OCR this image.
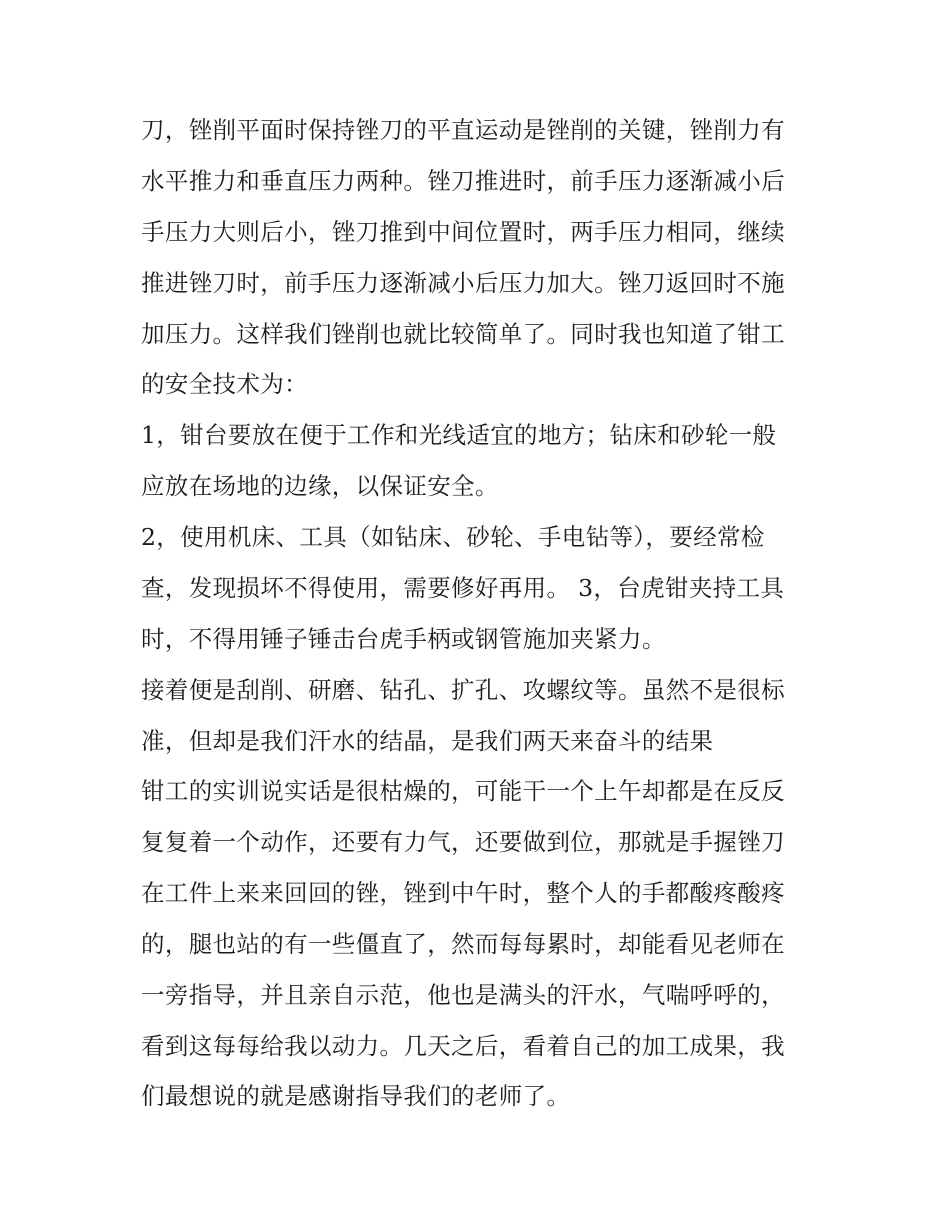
刀，锉削平面时保持锉刀的平直运动是锉削的关键，锉削力有
水平推力和垂直压力两种。锉刀推进时，前手压力逐渐减小后
手压力大则后小，锉刀推到中间位置时，两手压力相同，继续
推进锉刀时，前手压力逐渐减小后压力加大。锉刀返回时不施
加压力。这样我们锉削也就比较简单了。同时我也知道了钳工
的安全技术为：
1，钳台要放在便于工作和光线适宜的地方；钻床和砂轮一般
应放在场地的边缘，以保证安全。
2，使用机床、工具（如钻床、砂轮、手电钻等），要经常检
查，发现损坏不得使用，需要修好再用。 3，台虎钳夹持工具
时，不得用锤子锤击台虎手柄或钢管施加夹紧力。
接着便是刮削、研磨、钻孔、扩孔、攻螺纹等。虽然不是很标
准，但却是我们汗水的结晶，是我们两天来奋斗的结果
钳工的实训说实话是很枯燥的，可能干一个上午却都是在反反
复复着一个动作，还要有力气，还要做到位，那就是手握锉刀
在工件上来来回回的锉，锉到中午时，整个人的手都酸疼酸疼
的，腿也站的有一些僵直了，然而每每累时，却能看见老师在
一旁指导，并且亲自示范，他也是满头的汗水，气喘呼呼的，
看到这每每给我以动力。几天之后，看着自己的加工成果，我
们最想说的就是感谢指导我们的老师了。
